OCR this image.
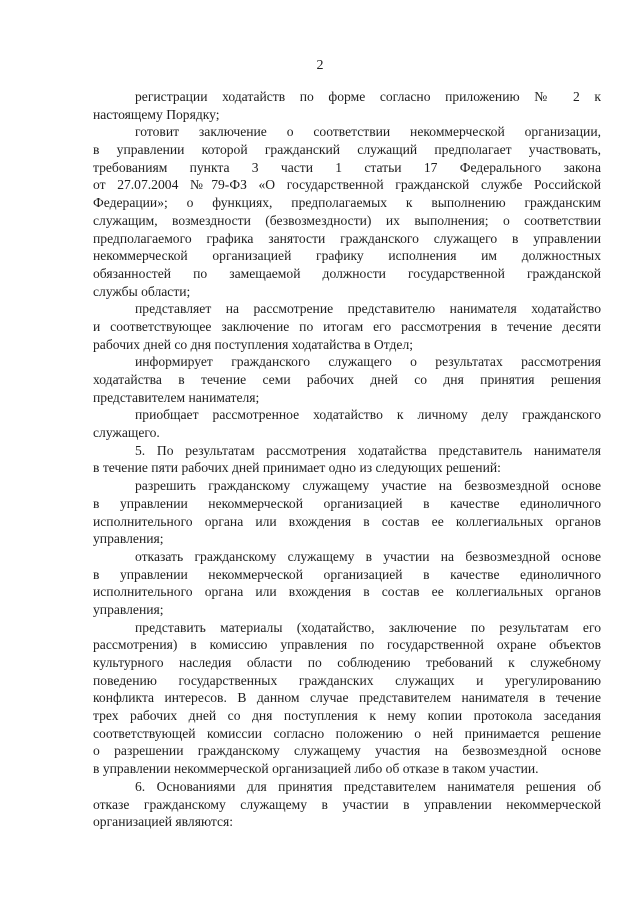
2
регистрации ходатайств по форме согласно приложению № 2 к
настоящему Порядку;
готовит заключение о соответствии некоммерческой организации,
в управлении которой гражданский служащий предполагает участвовать,
требованиям пункта 3 части 1 статьи 17 Федерального закона
от 27.07.2004 №79-ФЗ «О государственной гражданской службе Российской
Федерации»; о функциях, предполагаемых к выполнению гражданским
служащим, возмездности (безвозмездности) их выполнения; о соответствии
предполагаемого графика занятости гражданского служащего в управлении
некоммерческой организацией графику исполнения им должностных
обязанностей по замещаемой должности государственной гражданской
службы области;
представляет на рассмотрение представителю нанимателя ходатайство
и соответствующее заключение по итогам его рассмотрения в течение десяти
рабочих дней со дня поступления ходатайства в Отдел;
информирует гражданского служащего о результатах рассмотрения
ходатайства в течение семи рабочих дней со дня принятия решения
представителем нанимателя;
приобщает рассмотренное ходатайство к личному делу гражданского
служащего.
5. По результатам рассмотрения ходатайства представитель нанимателя
в течение пяти рабочих дней принимает одно из следующих решений:
разрешить гражданскому служащему участие на безвозмездной основе
в управлении некоммерческой организацией в качестве единоличного
исполнительного органа или вхождения в состав ее коллегиальных органов
управления;
отказать гражданскому служащему в участии на безвозмездной основе
в управлении некоммерческой организацией в качестве единоличного
исполнительного органа или вхождения в состав ее коллегиальных органов
управления;
представить материалы (ходатайство, заключение по результатам его
рассмотрения) в комиссию управления по государственной охране объектов
культурного наследия области по соблюдению требований к служебному
поведению государственных гражданских служащих и урегулированию
конфликта интересов. В данном случае представителем нанимателя в течение
трех рабочих дней со дня поступления к нему копии протокола заседания
соответствующей комиссии согласно положению о ней принимается решение
о разрешении гражданскому служащему участия на безвозмездной основе
в управлении некоммерческой организацией либо об отказе в таком участии.
6. Основаниями для принятия представителем нанимателя решения об
отказе гражданскому служащему в участии в управлении некоммерческой
организацией являются:
